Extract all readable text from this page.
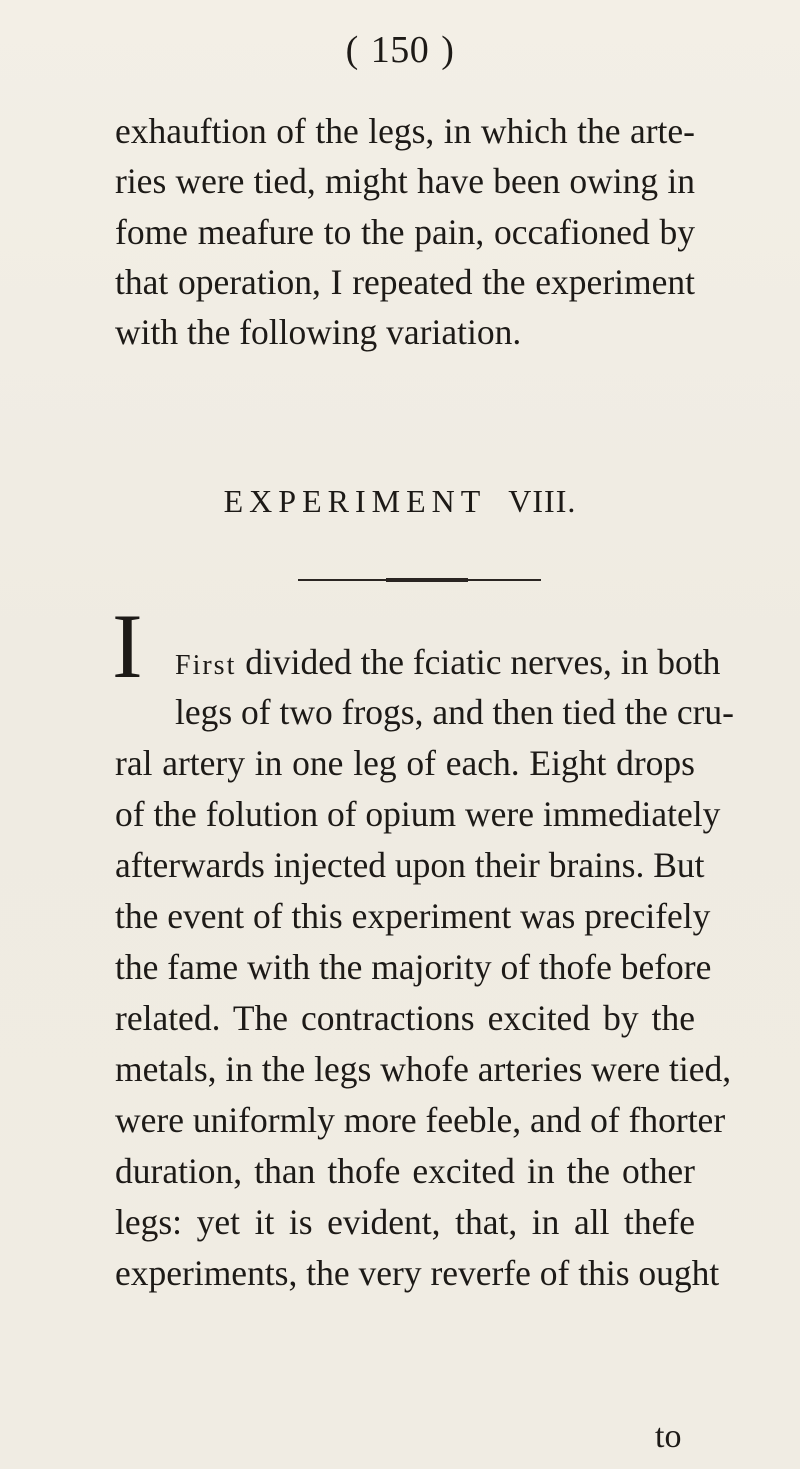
( 150 )
exhauftion of the legs, in which the arte-
ries were tied, might have been owing in
fome meafure to the pain, occafioned by
that operation, I repeated the experiment
with the following variation.
EXPERIMENT VIII.
I First divided the fciatic nerves, in both
legs of two frogs, and then tied the cru-
ral artery in one leg of each. Eight drops
of the folution of opium were immediately
afterwards injected upon their brains. But
the event of this experiment was precifely
the fame with the majority of thofe before
related. The contractions excited by the
metals, in the legs whofe arteries were tied,
were uniformly more feeble, and of fhorter
duration, than thofe excited in the other
legs: yet it is evident, that, in all thefe
experiments, the very reverfe of this ought
to
